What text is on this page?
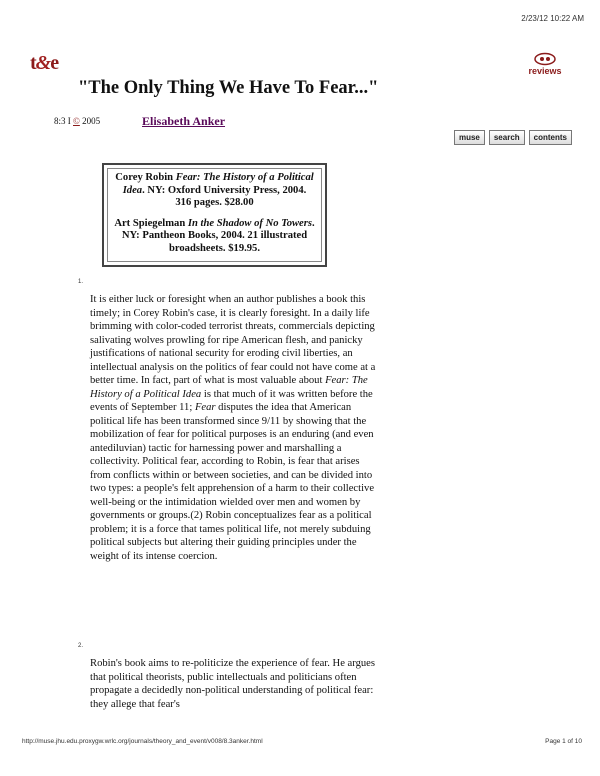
2/23/12 10:22 AM
t&e	reviews
"The Only Thing We Have To Fear..."
8:3 I © 2005	Elisabeth Anker
muse	search	contents

Corey Robin Fear: The History of a Political Idea. NY: Oxford University Press, 2004. 316 pages. $28.00

Art Spiegelman In the Shadow of No Towers. NY: Pantheon Books, 2004. 21 illustrated broadsheets. $19.95.

1.

It is either luck or foresight when an author publishes a book this timely; in Corey Robin's case, it is clearly foresight. In a daily life brimming with color-coded terrorist threats, commercials depicting salivating wolves prowling for ripe American flesh, and panicky justifications of national security for eroding civil liberties, an intellectual analysis on the politics of fear could not have come at a better time. In fact, part of what is most valuable about Fear: The History of a Political Idea is that much of it was written before the events of September 11; Fear disputes the idea that American political life has been transformed since 9/11 by showing that the mobilization of fear for political purposes is an enduring (and even antediluvian) tactic for harnessing power and marshalling a collectivity. Political fear, according to Robin, is fear that arises from conflicts within or between societies, and can be divided into two types: a people's felt apprehension of a harm to their collective well-being or the intimidation wielded over men and women by governments or groups.(2) Robin conceptualizes fear as a political problem; it is a force that tames political life, not merely subduing political subjects but altering their guiding principles under the weight of its intense coercion.

2.

Robin's book aims to re-politicize the experience of fear. He argues that political theorists, public intellectuals and politicians often propagate a decidedly non-political understanding of political fear: they allege that fear's

http://muse.jhu.edu.proxygw.wrlc.org/journals/theory_and_event/v008/8.3anker.html	Page 1 of 10
